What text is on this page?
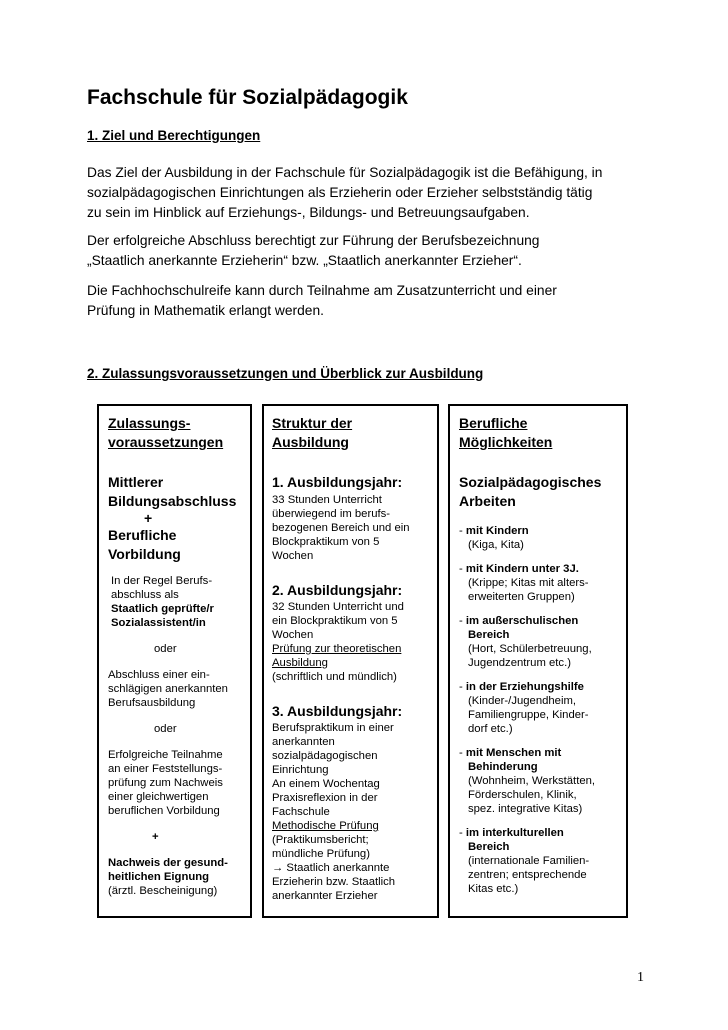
Fachschule für Sozialpädagogik

1. Ziel und Berechtigungen

Das Ziel der Ausbildung in der Fachschule für Sozialpädagogik ist die Befähigung, in
sozialpädagogischen Einrichtungen als Erzieherin oder Erzieher selbstständig tätig
zu sein im Hinblick auf Erziehungs-, Bildungs- und Betreuungsaufgaben.

Der erfolgreiche Abschluss berechtigt zur Führung der Berufsbezeichnung
„Staatlich anerkannte Erzieherin“ bzw. „Staatlich anerkannter Erzieher“.

Die Fachhochschulreife kann durch Teilnahme am Zusatzunterricht und einer
Prüfung in Mathematik erlangt werden.

2. Zulassungsvoraussetzungen und Überblick zur Ausbildung

Zulassungs-
voraussetzungen
Mittlerer
Bildungsabschluss
+
Berufliche
Vorbildung
In der Regel Berufs-
abschluss als
Staatlich geprüfte/r
Sozialassistent/in
oder
Abschluss einer ein-
schlägigen anerkannten
Berufsausbildung
oder
Erfolgreiche Teilnahme
an einer Feststellungs-
prüfung zum Nachweis
einer gleichwertigen
beruflichen Vorbildung
+
Nachweis der gesund-
heitlichen Eignung
(ärztl. Bescheinigung)
Struktur der
Ausbildung
1. Ausbildungsjahr:
33 Stunden Unterricht
überwiegend im berufs-
bezogenen Bereich und ein
Blockpraktikum von 5
Wochen
2. Ausbildungsjahr:
32 Stunden Unterricht und
ein Blockpraktikum von 5
Wochen
Prüfung zur theoretischen
Ausbildung
(schriftlich und mündlich)
3. Ausbildungsjahr:
Berufspraktikum in einer
anerkannten
sozialpädagogischen
Einrichtung
An einem Wochentag
Praxisreflexion in der
Fachschule
Methodische Prüfung
(Praktikumsbericht;
mündliche Prüfung)
→ Staatlich anerkannte
Erzieherin bzw. Staatlich
anerkannter Erzieher
Berufliche
Möglichkeiten
Sozialpädagogisches
Arbeiten
- mit Kindern
(Kiga, Kita)
- mit Kindern unter 3J.
(Krippe; Kitas mit alters-
erweiterten Gruppen)
- im außerschulischen
Bereich
(Hort, Schülerbetreuung,
Jugendzentrum etc.)
- in der Erziehungshilfe
(Kinder-/Jugendheim,
Familiengruppe, Kinder-
dorf etc.)
- mit Menschen mit
Behinderung
(Wohnheim, Werkstätten,
Förderschulen, Klinik,
spez. integrative Kitas)
- im interkulturellen
Bereich
(internationale Familien-
zentren; entsprechende
Kitas etc.)
1
